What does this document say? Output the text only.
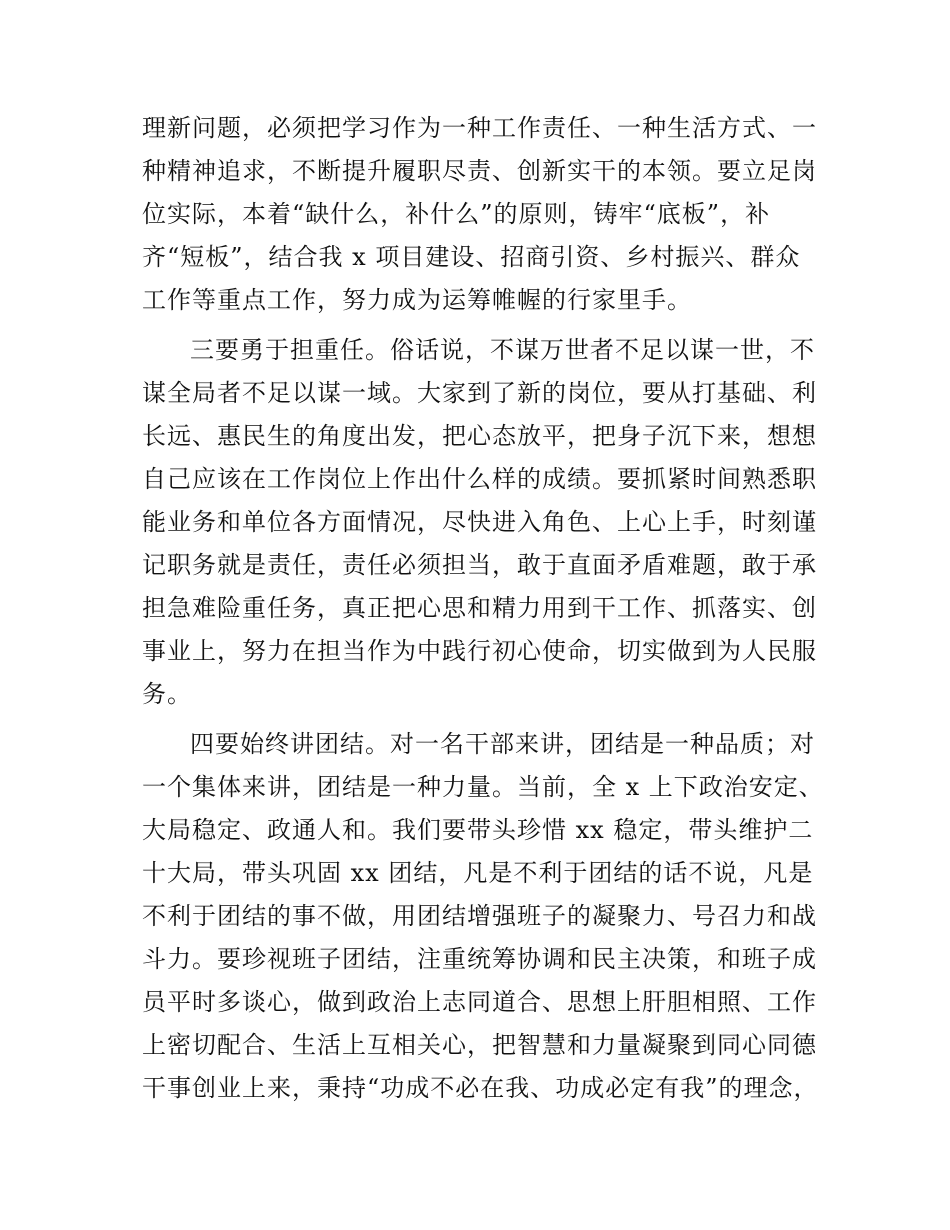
理新问题，必须把学习作为一种工作责任、一种生活方式、一
种精神追求，不断提升履职尽责、创新实干的本领。要立足岗
位实际，本着“缺什么，补什么”的原则，铸牢“底板”，补
齐“短板”，结合我 x 项目建设、招商引资、乡村振兴、群众
工作等重点工作，努力成为运筹帷幄的行家里手。
三要勇于担重任。俗话说，不谋万世者不足以谋一世，不
谋全局者不足以谋一域。大家到了新的岗位，要从打基础、利
长远、惠民生的角度出发，把心态放平，把身子沉下来，想想
自己应该在工作岗位上作出什么样的成绩。要抓紧时间熟悉职
能业务和单位各方面情况，尽快进入角色、上心上手，时刻谨
记职务就是责任，责任必须担当，敢于直面矛盾难题，敢于承
担急难险重任务，真正把心思和精力用到干工作、抓落实、创
事业上，努力在担当作为中践行初心使命，切实做到为人民服
务。
四要始终讲团结。对一名干部来讲，团结是一种品质；对
一个集体来讲，团结是一种力量。当前，全 x 上下政治安定、
大局稳定、政通人和。我们要带头珍惜 xx 稳定，带头维护二
十大局，带头巩固 xx 团结，凡是不利于团结的话不说，凡是
不利于团结的事不做，用团结增强班子的凝聚力、号召力和战
斗力。要珍视班子团结，注重统筹协调和民主决策，和班子成
员平时多谈心，做到政治上志同道合、思想上肝胆相照、工作
上密切配合、生活上互相关心，把智慧和力量凝聚到同心同德
干事创业上来，秉持“功成不必在我、功成必定有我”的理念，
